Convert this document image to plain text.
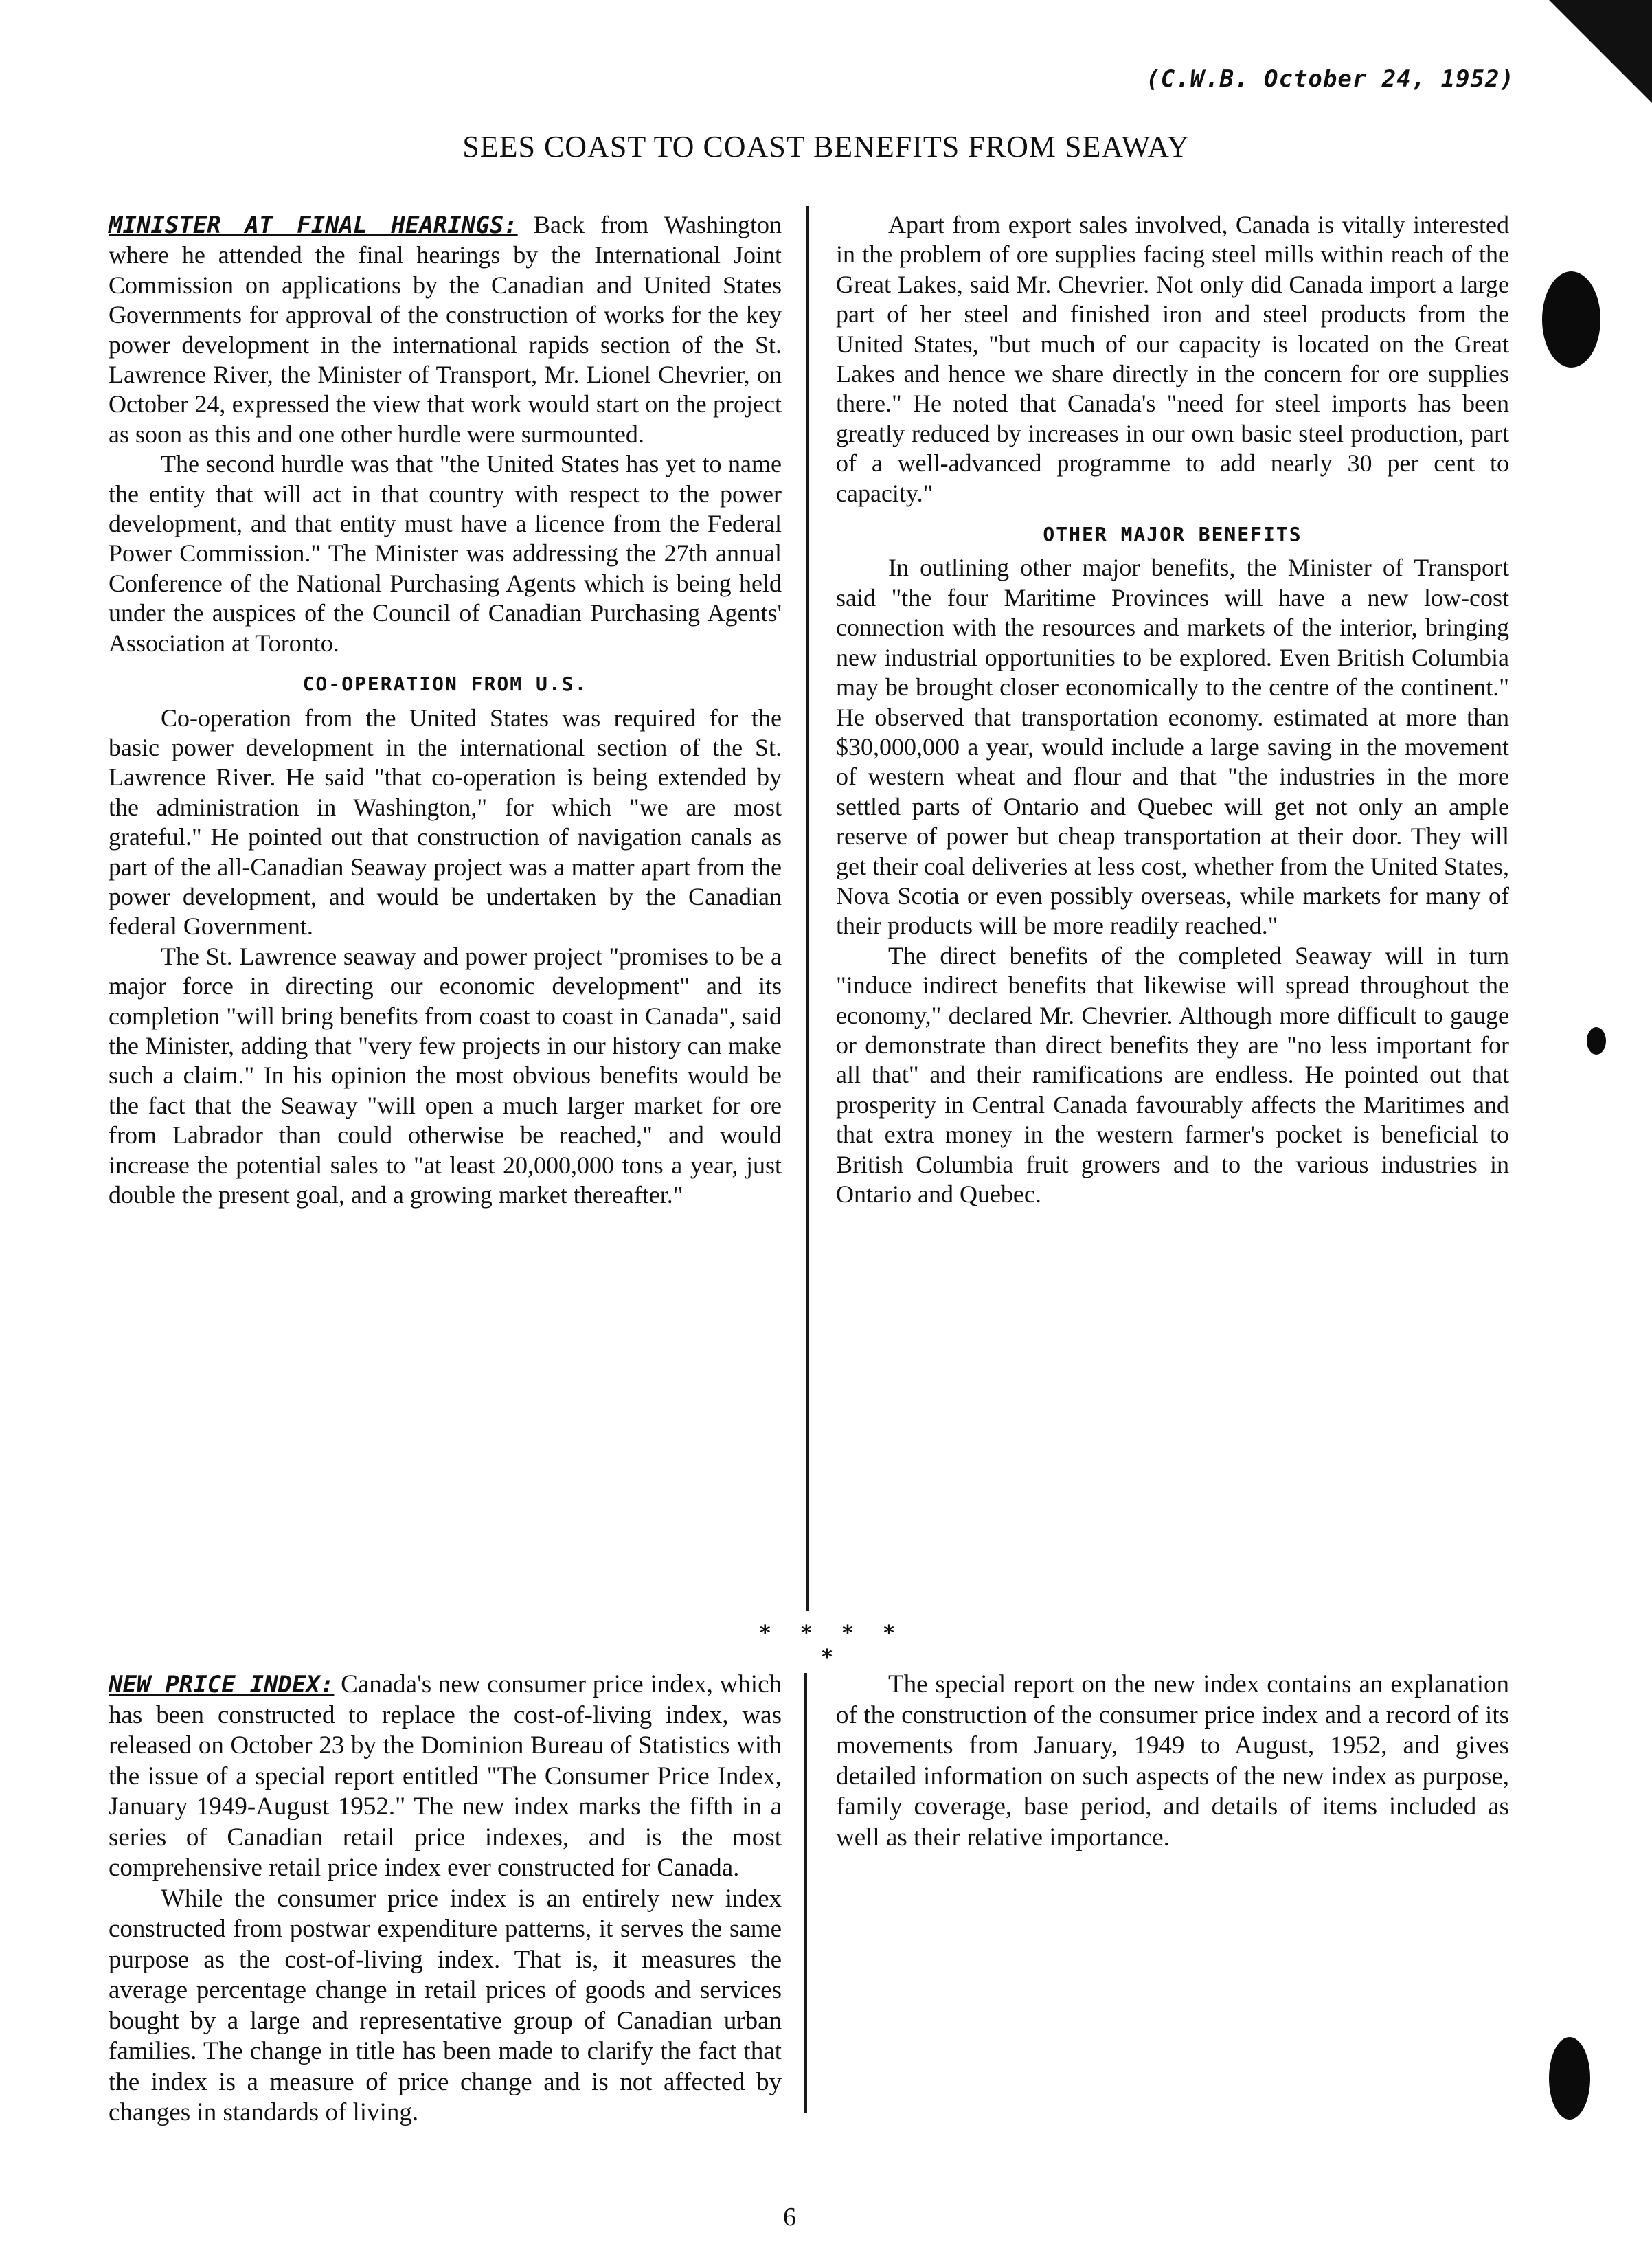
(C.W.B. October 24, 1952)
SEES COAST TO COAST BENEFITS FROM SEAWAY

MINISTER AT FINAL HEARINGS: Back from Washington where he attended the final hearings by the International Joint Commission on applications by the Canadian and United States Governments for approval of the construction of works for the key power development in the international rapids section of the St. Lawrence River, the Minister of Transport, Mr. Lionel Chevrier, on October 24, expressed the view that work would start on the project as soon as this and one other hurdle were surmounted.

The second hurdle was that "the United States has yet to name the entity that will act in that country with respect to the power development, and that entity must have a licence from the Federal Power Commission." The Minister was addressing the 27th annual Conference of the National Purchasing Agents which is being held under the auspices of the Council of Canadian Purchasing Agents' Association at Toronto.

CO-OPERATION FROM U.S.

Co-operation from the United States was required for the basic power development in the international section of the St. Lawrence River. He said "that co-operation is being extended by the administration in Washington," for which "we are most grateful." He pointed out that construction of navigation canals as part of the all-Canadian Seaway project was a matter apart from the power development, and would be undertaken by the Canadian federal Government.

The St. Lawrence seaway and power project "promises to be a major force in directing our economic development" and its completion "will bring benefits from coast to coast in Canada", said the Minister, adding that "very few projects in our history can make such a claim." In his opinion the most obvious benefits would be the fact that the Seaway "will open a much larger market for ore from Labrador than could otherwise be reached," and would increase the potential sales to "at least 20,000,000 tons a year, just double the present goal, and a growing market thereafter."

Apart from export sales involved, Canada is vitally interested in the problem of ore supplies facing steel mills within reach of the Great Lakes, said Mr. Chevrier. Not only did Canada import a large part of her steel and finished iron and steel products from the United States, "but much of our capacity is located on the Great Lakes and hence we share directly in the concern for ore supplies there." He noted that Canada's "need for steel imports has been greatly reduced by increases in our own basic steel production, part of a well-advanced programme to add nearly 30 per cent to capacity."

OTHER MAJOR BENEFITS

In outlining other major benefits, the Minister of Transport said "the four Maritime Provinces will have a new low-cost connection with the resources and markets of the interior, bringing new industrial opportunities to be explored. Even British Columbia may be brought closer economically to the centre of the continent." He observed that transportation economy. estimated at more than $30,000,000 a year, would include a large saving in the movement of western wheat and flour and that "the industries in the more settled parts of Ontario and Quebec will get not only an ample reserve of power but cheap transportation at their door. They will get their coal deliveries at less cost, whether from the United States, Nova Scotia or even possibly overseas, while markets for many of their products will be more readily reached."

The direct benefits of the completed Seaway will in turn "induce indirect benefits that likewise will spread throughout the economy," declared Mr. Chevrier. Although more difficult to gauge or demonstrate than direct benefits they are "no less important for all that" and their ramifications are endless. He pointed out that prosperity in Central Canada favourably affects the Maritimes and that extra money in the western farmer's pocket is beneficial to British Columbia fruit growers and to the various industries in Ontario and Quebec.

* * * * *

NEW PRICE INDEX: Canada's new consumer price index, which has been constructed to replace the cost-of-living index, was released on October 23 by the Dominion Bureau of Statistics with the issue of a special report entitled "The Consumer Price Index, January 1949-August 1952." The new index marks the fifth in a series of Canadian retail price indexes, and is the most comprehensive retail price index ever constructed for Canada.

While the consumer price index is an entirely new index constructed from postwar expenditure patterns, it serves the same purpose as the cost-of-living index. That is, it measures the average percentage change in retail prices of goods and services bought by a large and representative group of Canadian urban families. The change in title has been made to clarify the fact that the index is a measure of price change and is not affected by changes in standards of living.

The special report on the new index contains an explanation of the construction of the consumer price index and a record of its movements from January, 1949 to August, 1952, and gives detailed information on such aspects of the new index as purpose, family coverage, base period, and details of items included as well as their relative importance.

6
